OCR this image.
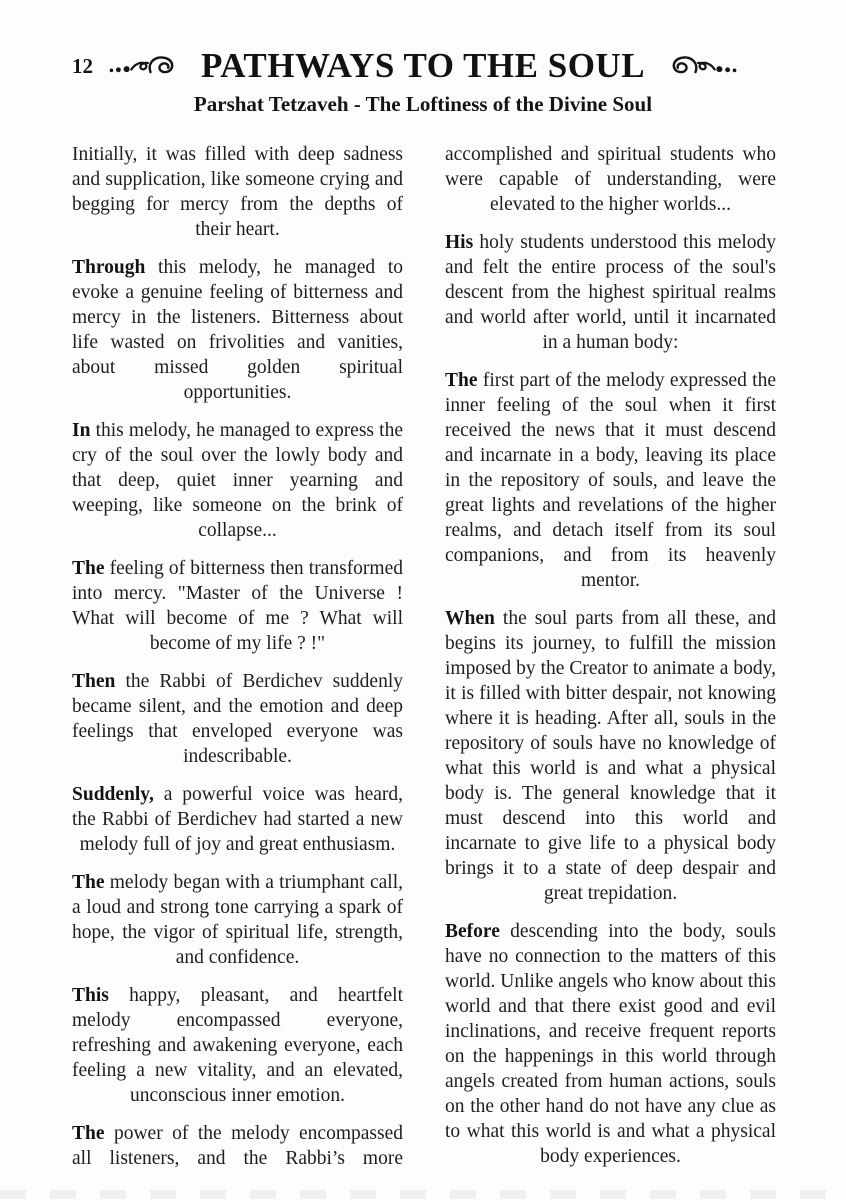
12	PATHWAYS TO THE SOUL
Parshat Tetzaveh - The Loftiness of the Divine Soul

Initially, it was filled with deep sadness and supplication, like someone crying and begging for mercy from the depths of their heart.

Through this melody, he managed to evoke a genuine feeling of bitterness and mercy in the listeners. Bitterness about life wasted on frivolities and vanities, about missed golden spiritual opportunities.

In this melody, he managed to express the cry of the soul over the lowly body and that deep, quiet inner yearning and weeping, like someone on the brink of collapse...

The feeling of bitterness then transformed into mercy. "Master of the Universe ! What will become of me ? What will become of my life ? !"

Then the Rabbi of Berdichev suddenly became silent, and the emotion and deep feelings that enveloped everyone was indescribable.

Suddenly, a powerful voice was heard, the Rabbi of Berdichev had started a new melody full of joy and great enthusiasm.

The melody began with a triumphant call, a loud and strong tone carrying a spark of hope, the vigor of spiritual life, strength, and confidence.

This happy, pleasant, and heartfelt melody encompassed everyone, refreshing and awakening everyone, each feeling a new vitality, and an elevated, unconscious inner emotion.

The power of the melody encompassed all listeners, and the Rabbi’s more

accomplished and spiritual students who were capable of understanding, were elevated to the higher worlds...

His holy students understood this melody and felt the entire process of the soul's descent from the highest spiritual realms and world after world, until it incarnated in a human body:

The first part of the melody expressed the inner feeling of the soul when it first received the news that it must descend and incarnate in a body, leaving its place in the repository of souls, and leave the great lights and revelations of the higher realms, and detach itself from its soul companions, and from its heavenly mentor.

When the soul parts from all these, and begins its journey, to fulfill the mission imposed by the Creator to animate a body, it is filled with bitter despair, not knowing where it is heading. After all, souls in the repository of souls have no knowledge of what this world is and what a physical body is. The general knowledge that it must descend into this world and incarnate to give life to a physical body brings it to a state of deep despair and great trepidation.

Before descending into the body, souls have no connection to the matters of this world. Unlike angels who know about this world and that there exist good and evil inclinations, and receive frequent reports on the happenings in this world through angels created from human actions, souls on the other hand do not have any clue as to what this world is and what a physical body experiences.
